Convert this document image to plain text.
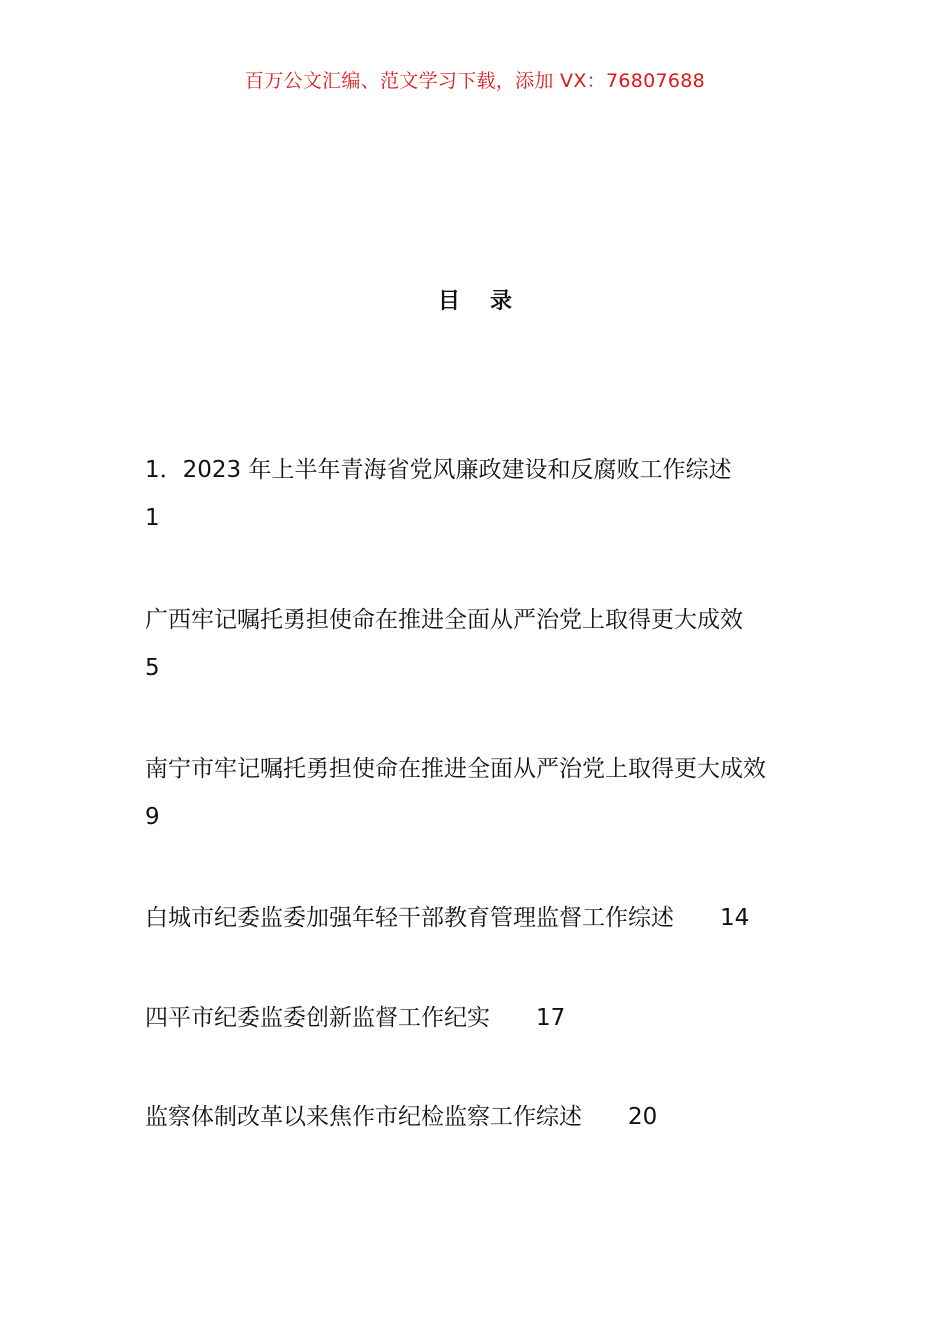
百万公文汇编、范文学习下载，添加 VX：76807688
目录
1．2023 年上半年青海省党风廉政建设和反腐败工作综述
1
广西牢记嘱托勇担使命在推进全面从严治党上取得更大成效
5
南宁市牢记嘱托勇担使命在推进全面从严治党上取得更大成效
9
白城市纪委监委加强年轻干部教育管理监督工作综述 14
四平市纪委监委创新监督工作纪实 17
监察体制改革以来焦作市纪检监察工作综述 20
